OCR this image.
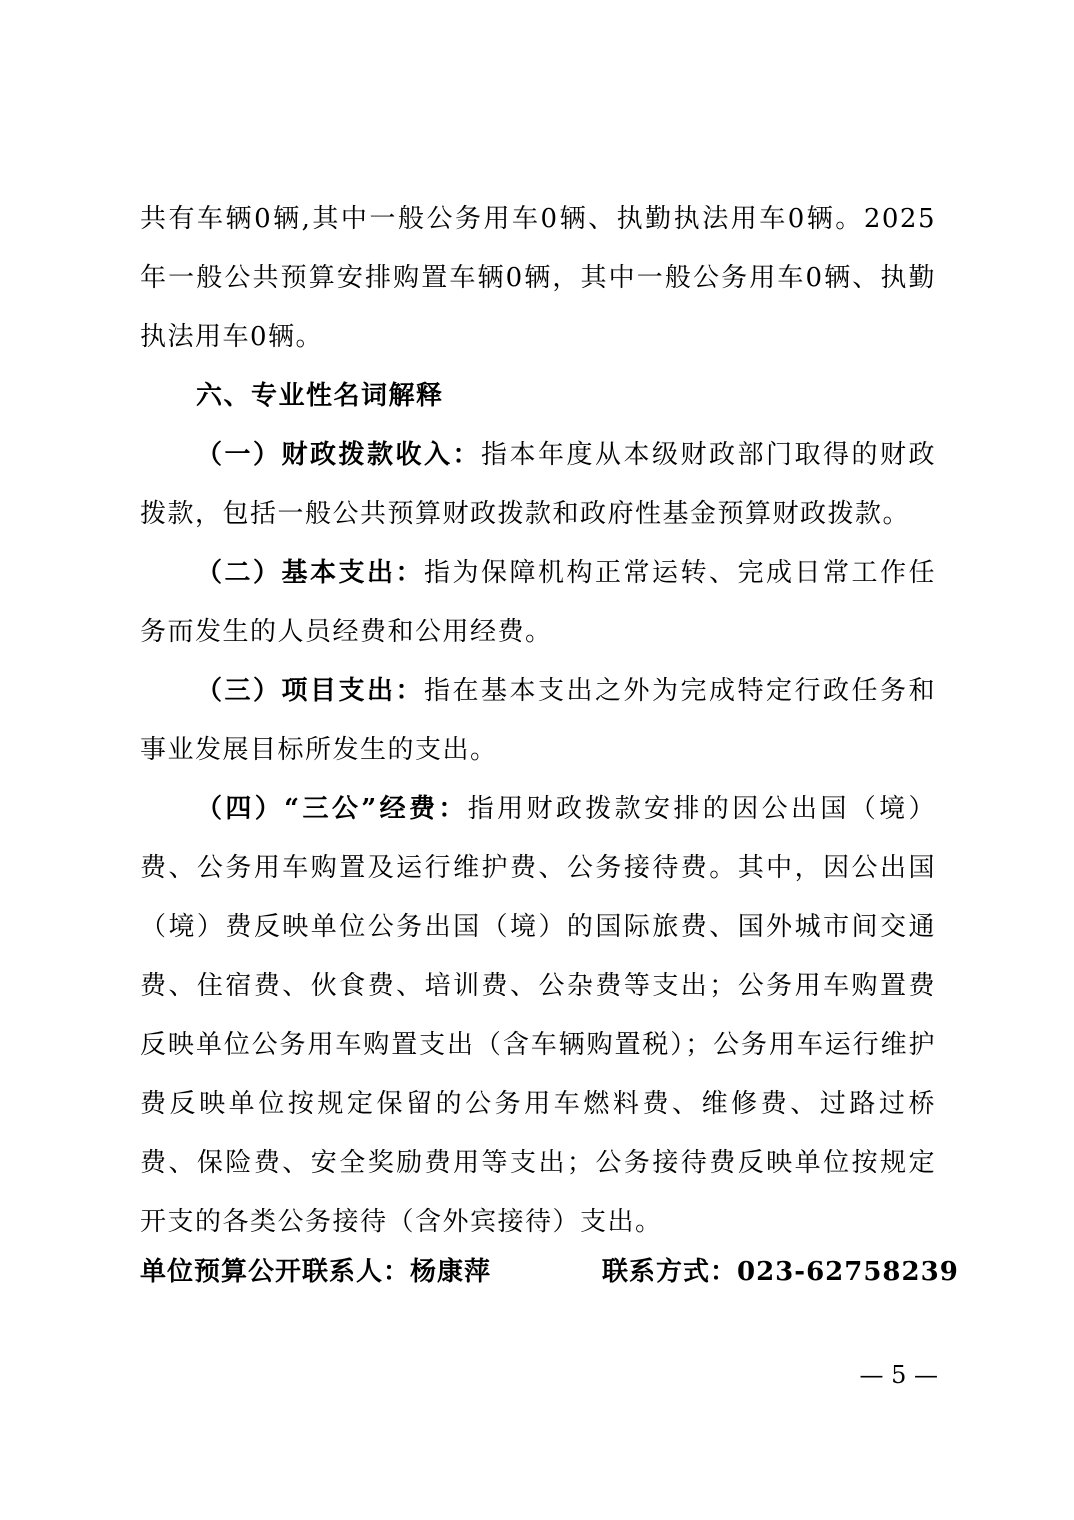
共有车辆0辆,其中一般公务用车0辆、执勤执法用车0辆。2025年一般公共预算安排购置车辆0辆，其中一般公务用车0辆、执勤执法用车0辆。

六、专业性名词解释

（一）财政拨款收入：指本年度从本级财政部门取得的财政拨款，包括一般公共预算财政拨款和政府性基金预算财政拨款。

（二）基本支出：指为保障机构正常运转、完成日常工作任务而发生的人员经费和公用经费。

（三）项目支出：指在基本支出之外为完成特定行政任务和事业发展目标所发生的支出。

（四）“三公”经费：指用财政拨款安排的因公出国（境）费、公务用车购置及运行维护费、公务接待费。其中，因公出国（境）费反映单位公务出国（境）的国际旅费、国外城市间交通费、住宿费、伙食费、培训费、公杂费等支出；公务用车购置费反映单位公务用车购置支出（含车辆购置税）；公务用车运行维护费反映单位按规定保留的公务用车燃料费、维修费、过路过桥费、保险费、安全奖励费用等支出；公务接待费反映单位按规定开支的各类公务接待（含外宾接待）支出。

单位预算公开联系人：杨康萍	联系方式：023-62758239
— 5 —
